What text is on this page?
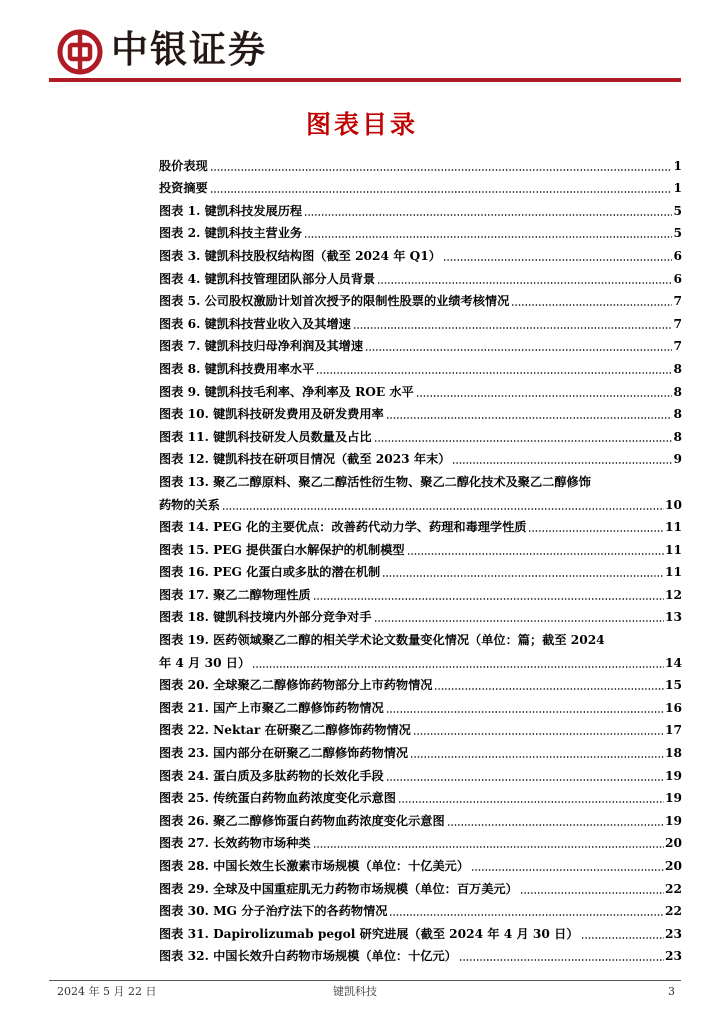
中银证券
图表目录
股价表现	1
投资摘要	1
图表 1. 键凯科技发展历程	5
图表 2. 键凯科技主营业务	5
图表 3. 键凯科技股权结构图（截至 2024 年 Q1）	6
图表 4. 键凯科技管理团队部分人员背景	6
图表 5. 公司股权激励计划首次授予的限制性股票的业绩考核情况	7
图表 6. 键凯科技营业收入及其增速	7
图表 7. 键凯科技归母净利润及其增速	7
图表 8. 键凯科技费用率水平	8
图表 9. 键凯科技毛利率、净利率及 ROE 水平	8
图表 10. 键凯科技研发费用及研发费用率	8
图表 11. 键凯科技研发人员数量及占比	8
图表 12. 键凯科技在研项目情况（截至 2023 年末）	9
图表 13. 聚乙二醇原料、聚乙二醇活性衍生物、聚乙二醇化技术及聚乙二醇修饰
药物的关系	10
图表 14. PEG 化的主要优点：改善药代动力学、药理和毒理学性质	11
图表 15. PEG 提供蛋白水解保护的机制模型	11
图表 16. PEG 化蛋白或多肽的潜在机制	11
图表 17. 聚乙二醇物理性质	12
图表 18. 键凯科技境内外部分竞争对手	13
图表 19. 医药领域聚乙二醇的相关学术论文数量变化情况（单位：篇；截至 2024
年 4 月 30 日）	14
图表 20. 全球聚乙二醇修饰药物部分上市药物情况	15
图表 21. 国产上市聚乙二醇修饰药物情况	16
图表 22. Nektar 在研聚乙二醇修饰药物情况	17
图表 23. 国内部分在研聚乙二醇修饰药物情况	18
图表 24. 蛋白质及多肽药物的长效化手段	19
图表 25. 传统蛋白药物血药浓度变化示意图	19
图表 26. 聚乙二醇修饰蛋白药物血药浓度变化示意图	19
图表 27. 长效药物市场种类	20
图表 28. 中国长效生长激素市场规模（单位：十亿美元）	20
图表 29. 全球及中国重症肌无力药物市场规模（单位：百万美元）	22
图表 30. MG 分子治疗法下的各药物情况	22
图表 31. Dapirolizumab pegol 研究进展（截至 2024 年 4 月 30 日）	23
图表 32. 中国长效升白药物市场规模（单位：十亿元）	23
2024 年 5 月 22 日	键凯科技	3
